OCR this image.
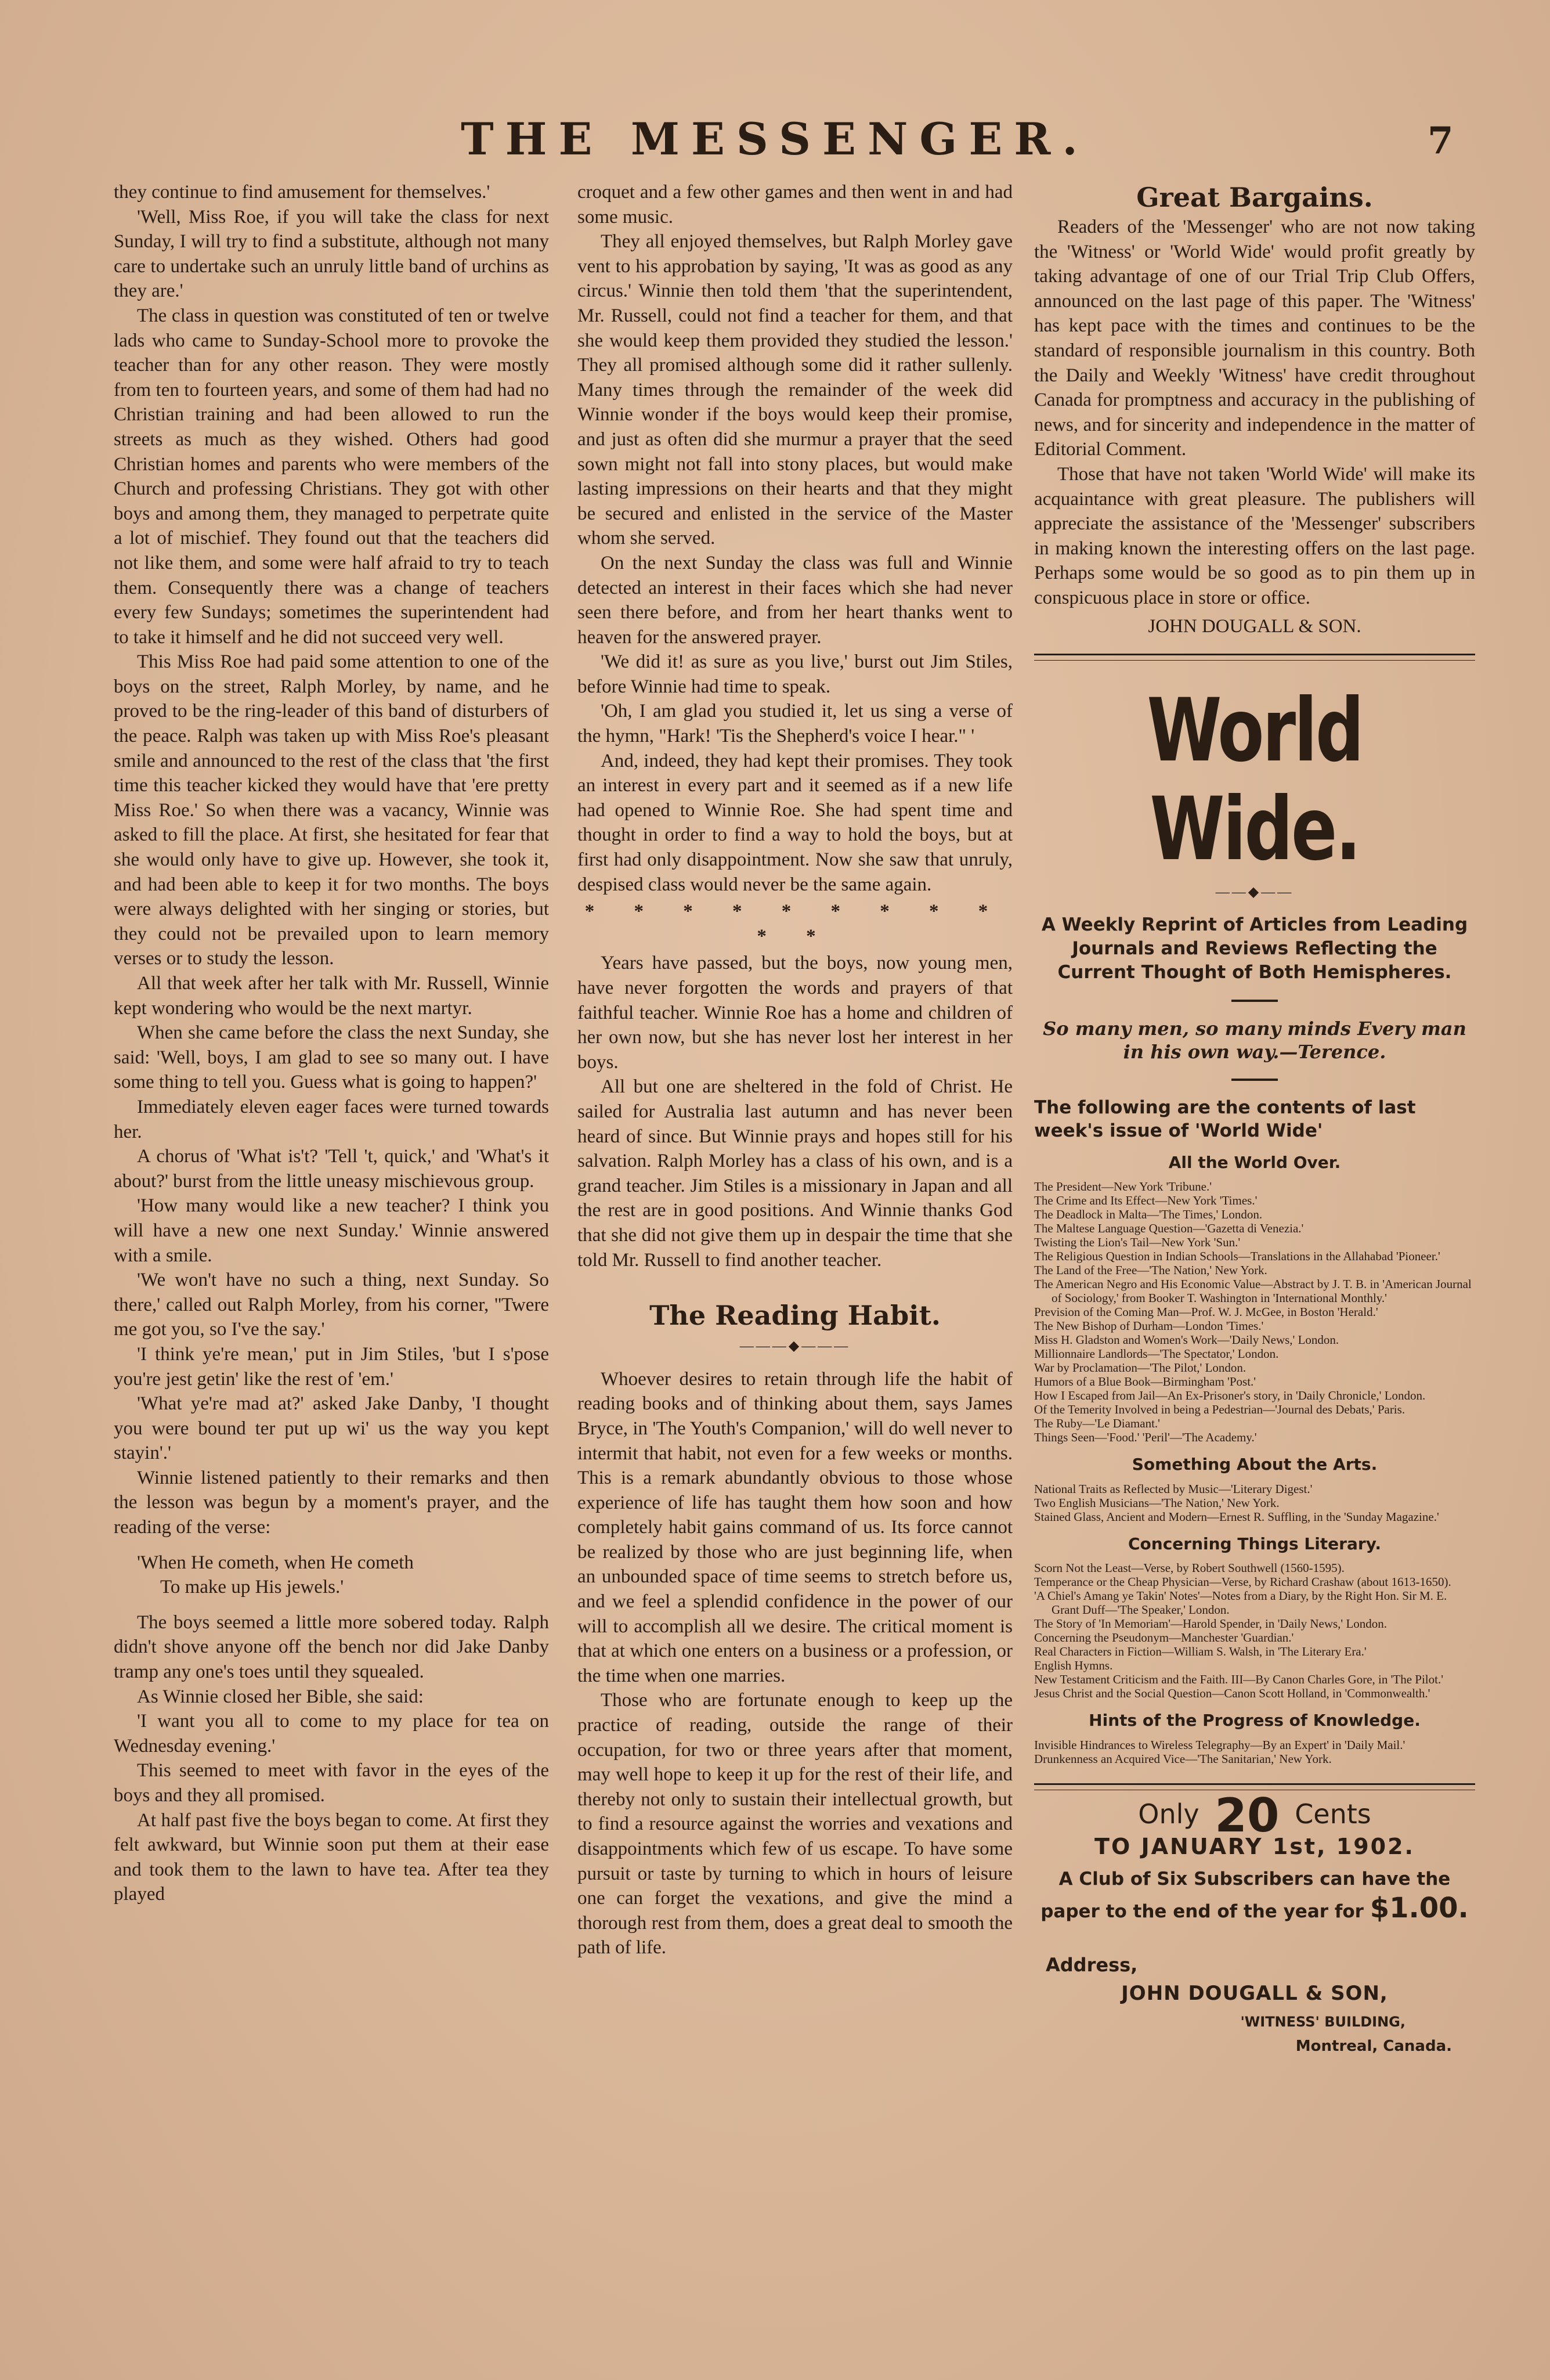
THE MESSENGER.	7

they continue to find amusement for themselves.'

'Well, Miss Roe, if you will take the class for next Sunday, I will try to find a substitute, although not many care to undertake such an unruly little band of urchins as they are.'

The class in question was constituted of ten or twelve lads who came to Sunday-School more to provoke the teacher than for any other reason. They were mostly from ten to fourteen years, and some of them had had no Christian training and had been allowed to run the streets as much as they wished. Others had good Christian homes and parents who were members of the Church and professing Christians. They got with other boys and among them, they managed to perpetrate quite a lot of mischief. They found out that the teachers did not like them, and some were half afraid to try to teach them. Consequently there was a change of teachers every few Sundays; sometimes the superintendent had to take it himself and he did not succeed very well.

This Miss Roe had paid some attention to one of the boys on the street, Ralph Morley, by name, and he proved to be the ring-leader of this band of disturbers of the peace. Ralph was taken up with Miss Roe's pleasant smile and announced to the rest of the class that 'the first time this teacher kicked they would have that 'ere pretty Miss Roe.' So when there was a vacancy, Winnie was asked to fill the place. At first, she hesitated for fear that she would only have to give up. However, she took it, and had been able to keep it for two months. The boys were always delighted with her singing or stories, but they could not be prevailed upon to learn memory verses or to study the lesson.

All that week after her talk with Mr. Russell, Winnie kept wondering who would be the next martyr.

When she came before the class the next Sunday, she said: 'Well, boys, I am glad to see so many out. I have some thing to tell you. Guess what is going to happen?'

Immediately eleven eager faces were turned towards her.

A chorus of 'What is't? 'Tell 't, quick,' and 'What's it about?' burst from the little uneasy mischievous group.

'How many would like a new teacher? I think you will have a new one next Sunday.' Winnie answered with a smile.

'We won't have no such a thing, next Sunday. So there,' called out Ralph Morley, from his corner, ''Twere me got you, so I've the say.'

'I think ye're mean,' put in Jim Stiles, 'but I s'pose you're jest getin' like the rest of 'em.'

'What ye're mad at?' asked Jake Danby, 'I thought you were bound ter put up wi' us the way you kept stayin'.'

Winnie listened patiently to their remarks and then the lesson was begun by a moment's prayer, and the reading of the verse:

'When He cometh, when He cometh
To make up His jewels.'

The boys seemed a little more sobered today. Ralph didn't shove anyone off the bench nor did Jake Danby tramp any one's toes until they squealed.

As Winnie closed her Bible, she said:

'I want you all to come to my place for tea on Wednesday evening.'

This seemed to meet with favor in the eyes of the boys and they all promised.

At half past five the boys began to come. At first they felt awkward, but Winnie soon put them at their ease and took them to the lawn to have tea. After tea they played

croquet and a few other games and then went in and had some music.

They all enjoyed themselves, but Ralph Morley gave vent to his approbation by saying, 'It was as good as any circus.' Winnie then told them 'that the superintendent, Mr. Russell, could not find a teacher for them, and that she would keep them provided they studied the lesson.' They all promised although some did it rather sullenly. Many times through the remainder of the week did Winnie wonder if the boys would keep their promise, and just as often did she murmur a prayer that the seed sown might not fall into stony places, but would make lasting impressions on their hearts and that they might be secured and enlisted in the service of the Master whom she served.

On the next Sunday the class was full and Winnie detected an interest in their faces which she had never seen there before, and from her heart thanks went to heaven for the answered prayer.

'We did it! as sure as you live,' burst out Jim Stiles, before Winnie had time to speak.

'Oh, I am glad you studied it, let us sing a verse of the hymn, "Hark! 'Tis the Shepherd's voice I hear." '

And, indeed, they had kept their promises. They took an interest in every part and it seemed as if a new life had opened to Winnie Roe. She had spent time and thought in order to find a way to hold the boys, but at first had only disappointment. Now she saw that unruly, despised class would never be the same again.

* * * * * * * * * * *

Years have passed, but the boys, now young men, have never forgotten the words and prayers of that faithful teacher. Winnie Roe has a home and children of her own now, but she has never lost her interest in her boys.

All but one are sheltered in the fold of Christ. He sailed for Australia last autumn and has never been heard of since. But Winnie prays and hopes still for his salvation. Ralph Morley has a class of his own, and is a grand teacher. Jim Stiles is a missionary in Japan and all the rest are in good positions. And Winnie thanks God that she did not give them up in despair the time that she told Mr. Russell to find another teacher.

The Reading Habit.
———◆———

Whoever desires to retain through life the habit of reading books and of thinking about them, says James Bryce, in 'The Youth's Companion,' will do well never to intermit that habit, not even for a few weeks or months. This is a remark abundantly obvious to those whose experience of life has taught them how soon and how completely habit gains command of us. Its force cannot be realized by those who are just beginning life, when an unbounded space of time seems to stretch before us, and we feel a splendid confidence in the power of our will to accomplish all we desire. The critical moment is that at which one enters on a business or a profession, or the time when one marries.

Those who are fortunate enough to keep up the practice of reading, outside the range of their occupation, for two or three years after that moment, may well hope to keep it up for the rest of their life, and thereby not only to sustain their intellectual growth, but to find a resource against the worries and vexations and disappointments which few of us escape. To have some pursuit or taste by turning to which in hours of leisure one can forget the vexations, and give the mind a thorough rest from them, does a great deal to smooth the path of life.

Great Bargains.

Readers of the 'Messenger' who are not now taking the 'Witness' or 'World Wide' would profit greatly by taking advantage of one of our Trial Trip Club Offers, announced on the last page of this paper. The 'Witness' has kept pace with the times and continues to be the standard of responsible journalism in this country. Both the Daily and Weekly 'Witness' have credit throughout Canada for promptness and accuracy in the publishing of news, and for sincerity and independence in the matter of Editorial Comment.

Those that have not taken 'World Wide' will make its acquaintance with great pleasure. The publishers will appreciate the assistance of the 'Messenger' subscribers in making known the interesting offers on the last page. Perhaps some would be so good as to pin them up in conspicuous place in store or office.

JOHN DOUGALL & SON.
World Wide.
——◆——
A Weekly Reprint of Articles from Leading Journals and Reviews Reflecting the Current Thought of Both Hemispheres.
So many men, so many minds Every man in his own way.—Terence.
The following are the contents of last week's issue of 'World Wide'
All the World Over.
The President—New York 'Tribune.'
The Crime and Its Effect—New York 'Times.'
The Deadlock in Malta—'The Times,' London.
The Maltese Language Question—'Gazetta di Venezia.'
Twisting the Lion's Tail—New York 'Sun.'
The Religious Question in Indian Schools—Translations in the Allahabad 'Pioneer.'
The Land of the Free—'The Nation,' New York.
The American Negro and His Economic Value—Abstract by J. T. B. in 'American Journal of Sociology,' from Booker T. Washington in 'International Monthly.'
Prevision of the Coming Man—Prof. W. J. McGee, in Boston 'Herald.'
The New Bishop of Durham—London 'Times.'
Miss H. Gladston and Women's Work—'Daily News,' London.
Millionnaire Landlords—'The Spectator,' London.
War by Proclamation—'The Pilot,' London.
Humors of a Blue Book—Birmingham 'Post.'
How I Escaped from Jail—An Ex-Prisoner's story, in 'Daily Chronicle,' London.
Of the Temerity Involved in being a Pedestrian—'Journal des Debats,' Paris.
The Ruby—'Le Diamant.'
Things Seen—'Food.' 'Peril'—'The Academy.'
Something About the Arts.
National Traits as Reflected by Music—'Literary Digest.'
Two English Musicians—'The Nation,' New York.
Stained Glass, Ancient and Modern—Ernest R. Suffling, in the 'Sunday Magazine.'
Concerning Things Literary.
Scorn Not the Least—Verse, by Robert Southwell (1560-1595).
Temperance or the Cheap Physician—Verse, by Richard Crashaw (about 1613-1650).
'A Chiel's Amang ye Takin' Notes'—Notes from a Diary, by the Right Hon. Sir M. E. Grant Duff—'The Speaker,' London.
The Story of 'In Memoriam'—Harold Spender, in 'Daily News,' London.
Concerning the Pseudonym—Manchester 'Guardian.'
Real Characters in Fiction—William S. Walsh, in 'The Literary Era.'
English Hymns.
New Testament Criticism and the Faith. III—By Canon Charles Gore, in 'The Pilot.'
Jesus Christ and the Social Question—Canon Scott Holland, in 'Commonwealth.'
Hints of the Progress of Knowledge.
Invisible Hindrances to Wireless Telegraphy—By an Expert' in 'Daily Mail.'
Drunkenness an Acquired Vice—'The Sanitarian,' New York.
Only 20 Cents
TO JANUARY 1st, 1902.
A Club of Six Subscribers can have the paper to the end of the year for $1.00.
Address,
JOHN DOUGALL & SON,
'WITNESS' BUILDING,
Montreal, Canada.
